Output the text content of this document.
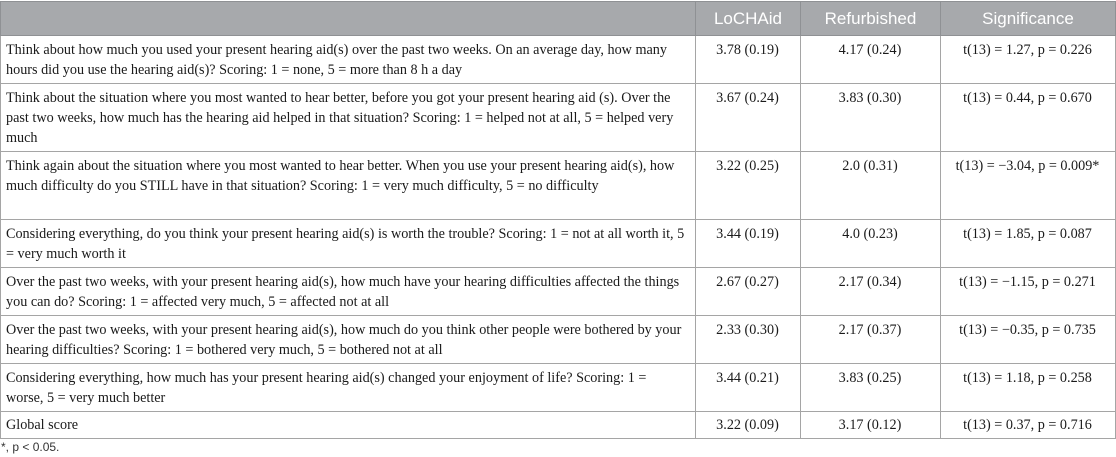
	LoCHAid	Refurbished	Significance
Think about how much you used your present hearing aid(s) over the past two weeks. On an average day, how many hours did you use the hearing aid(s)? Scoring: 1 = none, 5 = more than 8 h a day	3.78 (0.19)	4.17 (0.24)	t(13) = 1.27, p = 0.226
Think about the situation where you most wanted to hear better, before you got your present hearing aid (s). Over the past two weeks, how much has the hearing aid helped in that situation? Scoring: 1 = helped not at all, 5 = helped very much	3.67 (0.24)	3.83 (0.30)	t(13) = 0.44, p = 0.670
Think again about the situation where you most wanted to hear better. When you use your present hearing aid(s), how much difficulty do you STILL have in that situation? Scoring: 1 = very much difficulty, 5 = no difficulty	3.22 (0.25)	2.0 (0.31)	t(13) = −3.04, p = 0.009*
Considering everything, do you think your present hearing aid(s) is worth the trouble? Scoring: 1 = not at all worth it, 5 = very much worth it	3.44 (0.19)	4.0 (0.23)	t(13) = 1.85, p = 0.087
Over the past two weeks, with your present hearing aid(s), how much have your hearing difficulties affected the things you can do? Scoring: 1 = affected very much, 5 = affected not at all	2.67 (0.27)	2.17 (0.34)	t(13) = −1.15, p = 0.271
Over the past two weeks, with your present hearing aid(s), how much do you think other people were bothered by your hearing difficulties? Scoring: 1 = bothered very much, 5 = bothered not at all	2.33 (0.30)	2.17 (0.37)	t(13) = −0.35, p = 0.735
Considering everything, how much has your present hearing aid(s) changed your enjoyment of life? Scoring: 1 = worse, 5 = very much better	3.44 (0.21)	3.83 (0.25)	t(13) = 1.18, p = 0.258
Global score	3.22 (0.09)	3.17 (0.12)	t(13) = 0.37, p = 0.716
*, p < 0.05.
